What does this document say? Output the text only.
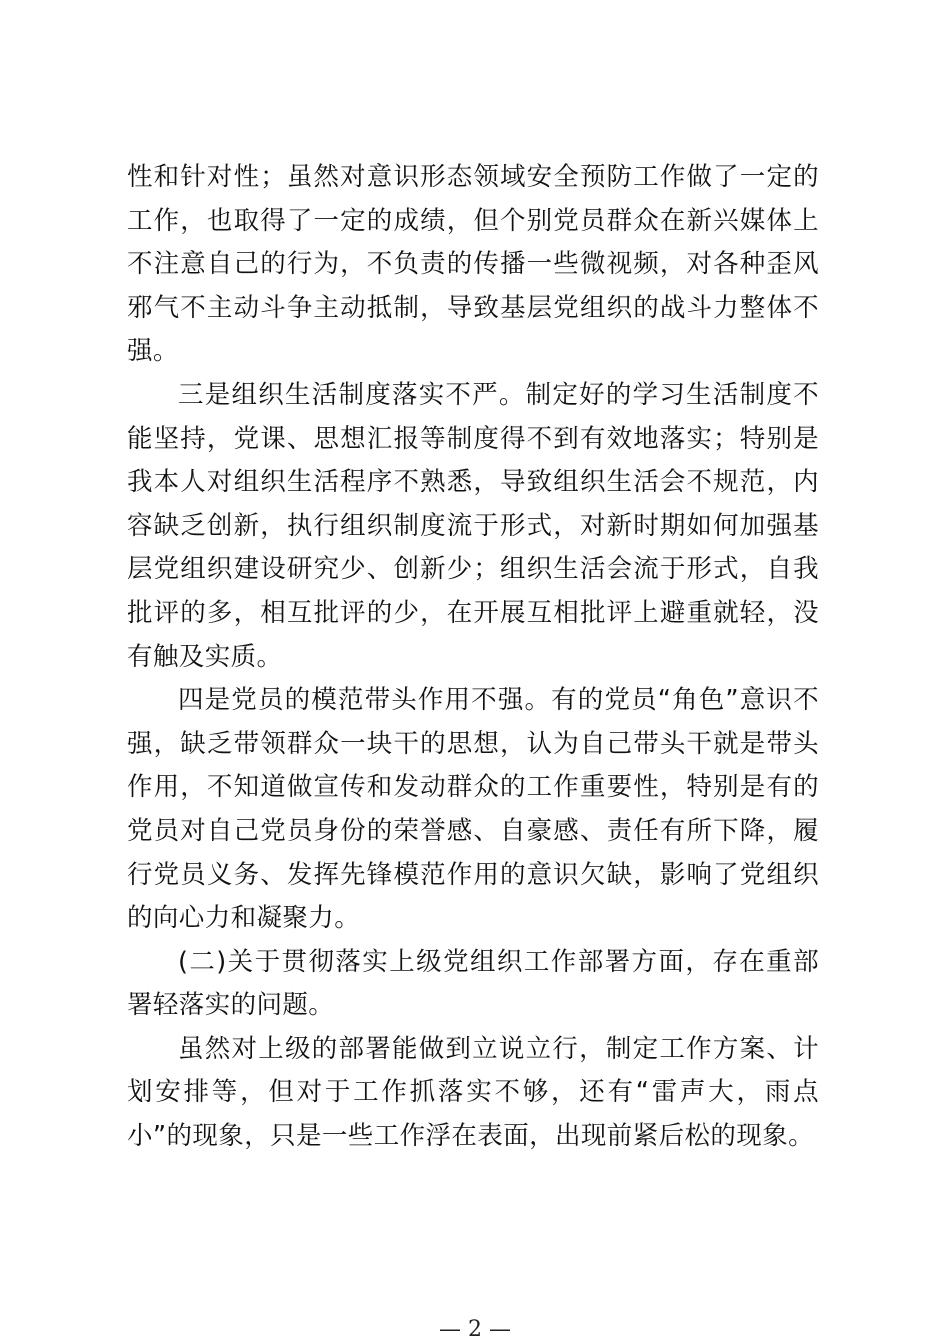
性和针对性；虽然对意识形态领域安全预防工作做了一定的工作，也取得了一定的成绩，但个别党员群众在新兴媒体上不注意自己的行为，不负责的传播一些微视频，对各种歪风邪气不主动斗争主动抵制，导致基层党组织的战斗力整体不强。

三是组织生活制度落实不严。制定好的学习生活制度不能坚持，党课、思想汇报等制度得不到有效地落实；特别是我本人对组织生活程序不熟悉，导致组织生活会不规范，内容缺乏创新，执行组织制度流于形式，对新时期如何加强基层党组织建设研究少、创新少；组织生活会流于形式，自我批评的多，相互批评的少，在开展互相批评上避重就轻，没有触及实质。

四是党员的模范带头作用不强。有的党员“角色”意识不强，缺乏带领群众一块干的思想，认为自己带头干就是带头作用，不知道做宣传和发动群众的工作重要性，特别是有的党员对自己党员身份的荣誉感、自豪感、责任有所下降，履行党员义务、发挥先锋模范作用的意识欠缺，影响了党组织的向心力和凝聚力。

(二)关于贯彻落实上级党组织工作部署方面，存在重部署轻落实的问题。

虽然对上级的部署能做到立说立行，制定工作方案、计划安排等，但对于工作抓落实不够，还有“雷声大，雨点小”的现象，只是一些工作浮在表面，出现前紧后松的现象。

— 2 —
